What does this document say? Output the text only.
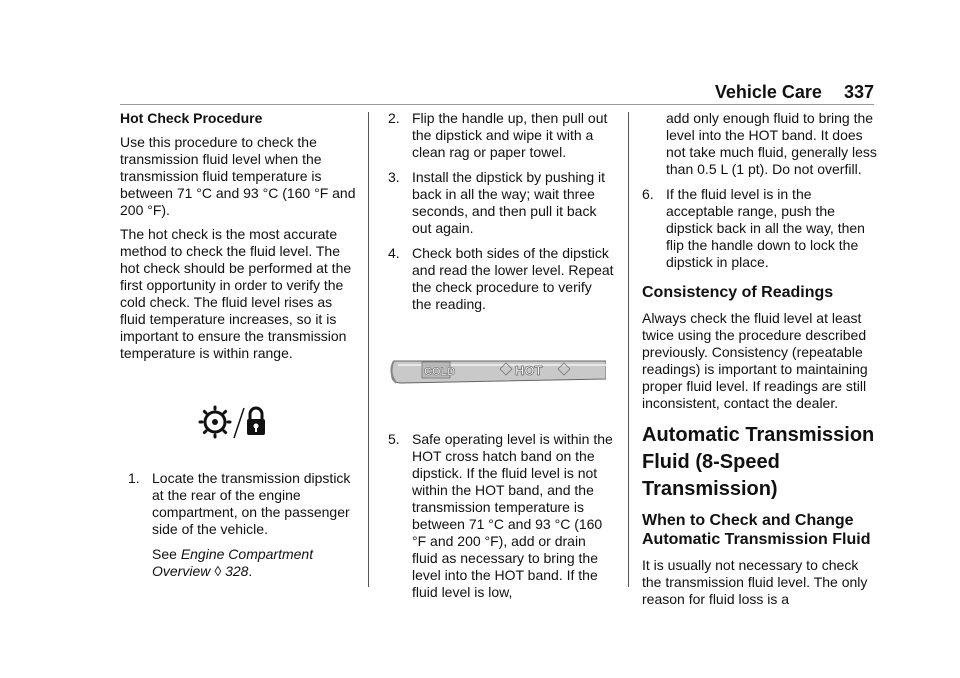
Vehicle Care 337

Hot Check Procedure

Use this procedure to check the transmission fluid level when the transmission fluid temperature is between 71 °C and 93 °C (160 °F and 200 °F).

The hot check is the most accurate method to check the fluid level. The hot check should be performed at the first opportunity in order to verify the cold check. The fluid level rises as fluid temperature increases, so it is important to ensure the transmission temperature is within range.

1. Locate the transmission dipstick at the rear of the engine compartment, on the passenger side of the vehicle.
See Engine Compartment Overview ◊ 328.
2. Flip the handle up, then pull out the dipstick and wipe it with a clean rag or paper towel.
3. Install the dipstick by pushing it back in all the way; wait three seconds, and then pull it back out again.
4. Check both sides of the dipstick and read the lower level. Repeat the check procedure to verify the reading.
COLD	HOT
5. Safe operating level is within the HOT cross hatch band on the dipstick. If the fluid level is not within the HOT band, and the transmission temperature is between 71 °C and 93 °C (160 °F and 200 °F), add or drain fluid as necessary to bring the level into the HOT band. If the fluid level is low,

add only enough fluid to bring the level into the HOT band. It does not take much fluid, generally less than 0.5 L (1 pt). Do not overfill.

6. If the fluid level is in the acceptable range, push the dipstick back in all the way, then flip the handle down to lock the dipstick in place.
Consistency of Readings

Always check the fluid level at least twice using the procedure described previously. Consistency (repeatable readings) is important to maintaining proper fluid level. If readings are still inconsistent, contact the dealer.

Automatic Transmission Fluid (8-Speed Transmission)
When to Check and Change Automatic Transmission Fluid

It is usually not necessary to check the transmission fluid level. The only reason for fluid loss is a
